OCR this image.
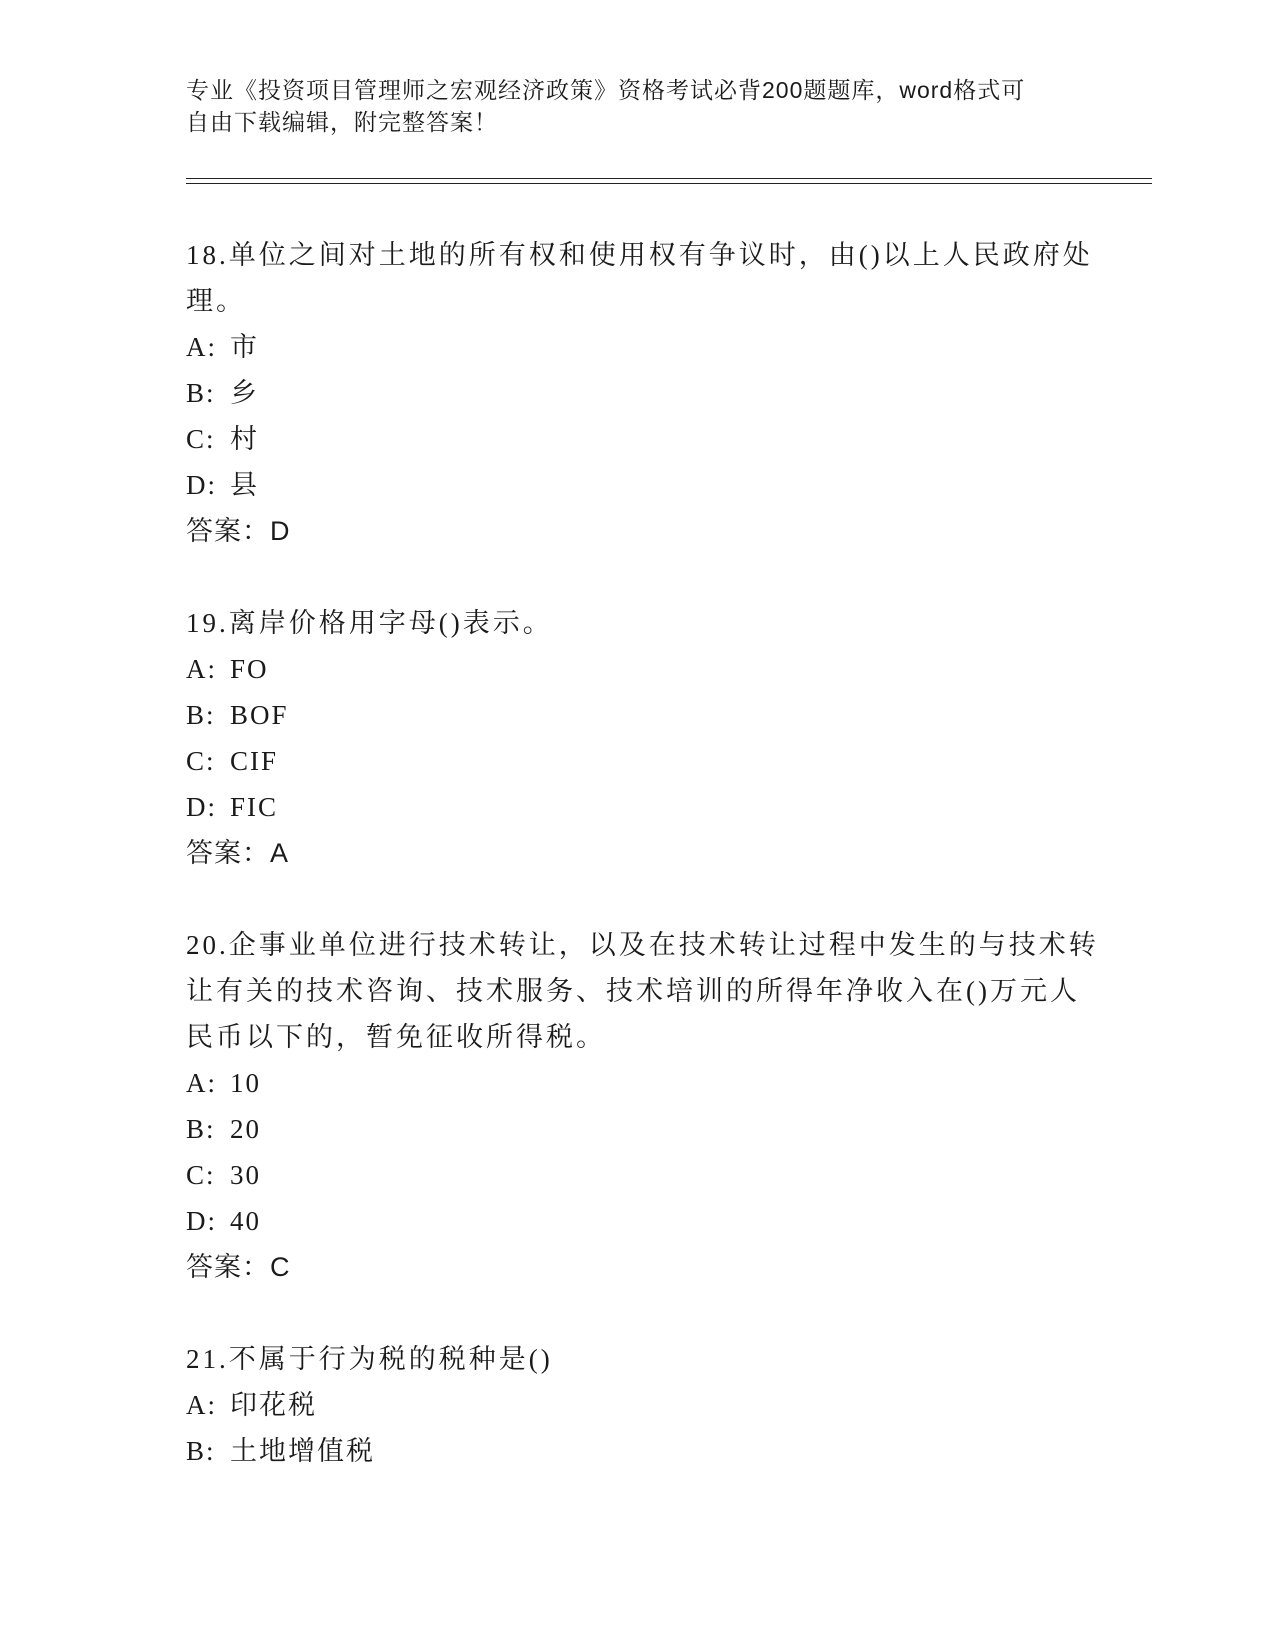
专业《投资项目管理师之宏观经济政策》资格考试必背200题题库，word格式可
自由下载编辑，附完整答案！
18.单位之间对土地的所有权和使用权有争议时，由()以上人民政府处
理。
A: 市
B: 乡
C: 村
D: 县
答案：D
19.离岸价格用字母()表示。
A: FO
B: BOF
C: CIF
D: FIC
答案：A
20.企事业单位进行技术转让，以及在技术转让过程中发生的与技术转
让有关的技术咨询、技术服务、技术培训的所得年净收入在()万元人
民币以下的，暂免征收所得税。
A: 10
B: 20
C: 30
D: 40
答案：C
21.不属于行为税的税种是()
A: 印花税
B: 土地增值税
